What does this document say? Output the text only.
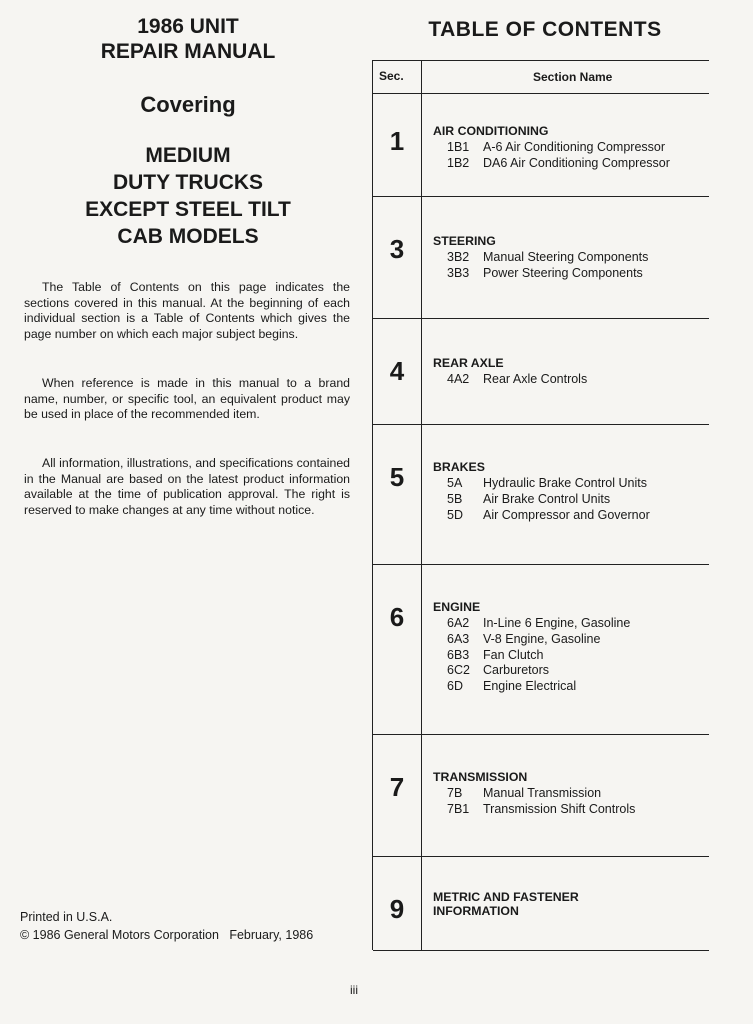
1986 UNIT
REPAIR MANUAL
Covering
MEDIUM
DUTY TRUCKS
EXCEPT STEEL TILT
CAB MODELS

The Table of Contents on this page indicates the sections covered in this manual. At the beginning of each individual section is a Table of Contents which gives the page number on which each major subject begins.

When reference is made in this manual to a brand name, number, or specific tool, an equivalent product may be used in place of the recommended item.

All information, illustrations, and specifications contained in the Manual are based on the latest product information available at the time of publication approval. The right is reserved to make changes at any time without notice.

Printed in U.S.A.
© 1986 General Motors Corporation February, 1986
iii
TABLE OF CONTENTS
Sec.	Section Name
1	AIR CONDITIONING
1B1 A-6 Air Conditioning Compressor
1B2 DA6 Air Conditioning Compressor
3	STEERING
3B2 Manual Steering Components
3B3 Power Steering Components
4	REAR AXLE
4A2 Rear Axle Controls
5	BRAKES
5A Hydraulic Brake Control Units
5B Air Brake Control Units
5D Air Compressor and Governor
6	ENGINE
6A2 In-Line 6 Engine, Gasoline
6A3 V-8 Engine, Gasoline
6B3 Fan Clutch
6C2 Carburetors
6D Engine Electrical
7	TRANSMISSION
7B Manual Transmission
7B1 Transmission Shift Controls
9	METRIC AND FASTENER
INFORMATION
